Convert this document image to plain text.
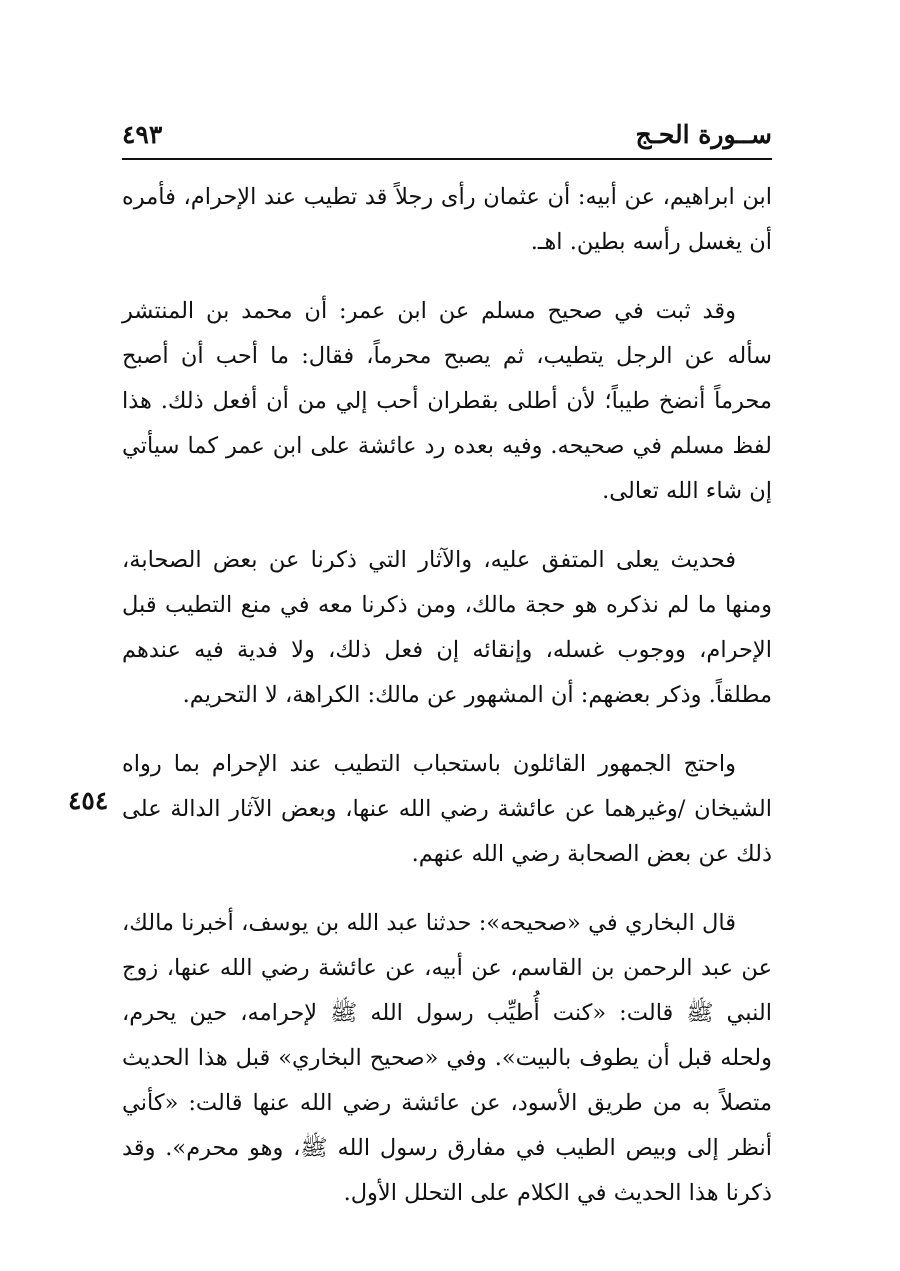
ســورة الحـج
٤٩٣
٤٥٤

ابن ابراهيم، عن أبيه: أن عثمان رأى رجلاً قد تطيب عند الإحرام، فأمره أن يغسل رأسه بطين. اهـ.

وقد ثبت في صحيح مسلم عن ابن عمر: أن محمد بن المنتشر سأله عن الرجل يتطيب، ثم يصبح محرماً، فقال: ما أحب أن أصبح محرماً أنضخ طيباً؛ لأن أطلى بقطران أحب إلي من أن أفعل ذلك. هذا لفظ مسلم في صحيحه. وفيه بعده رد عائشة على ابن عمر كما سيأتي إن شاء الله تعالى.

فحديث يعلى المتفق عليه، والآثار التي ذكرنا عن بعض الصحابة، ومنها ما لم نذكره هو حجة مالك، ومن ذكرنا معه في منع التطيب قبل الإحرام، ووجوب غسله، وإنقائه إن فعل ذلك، ولا فدية فيه عندهم مطلقاً. وذكر بعضهم: أن المشهور عن مالك: الكراهة، لا التحريم.

واحتج الجمهور القائلون باستحباب التطيب عند الإحرام بما رواه الشيخان /وغيرهما عن عائشة رضي الله عنها، وبعض الآثار الدالة على ذلك عن بعض الصحابة رضي الله عنهم.

قال البخاري في «صحيحه»: حدثنا عبد الله بن يوسف، أخبرنا مالك، عن عبد الرحمن بن القاسم، عن أبيه، عن عائشة رضي الله عنها، زوج النبي ﷺ قالت: «كنت أُطيِّب رسول الله ﷺ لإحرامه، حين يحرم، ولحله قبل أن يطوف بالبيت». وفي «صحيح البخاري» قبل هذا الحديث متصلاً به من طريق الأسود، عن عائشة رضي الله عنها قالت: «كأني أنظر إلى وبيص الطيب في مفارق رسول الله ﷺ، وهو محرم». وقد ذكرنا هذا الحديث في الكلام على التحلل الأول.
